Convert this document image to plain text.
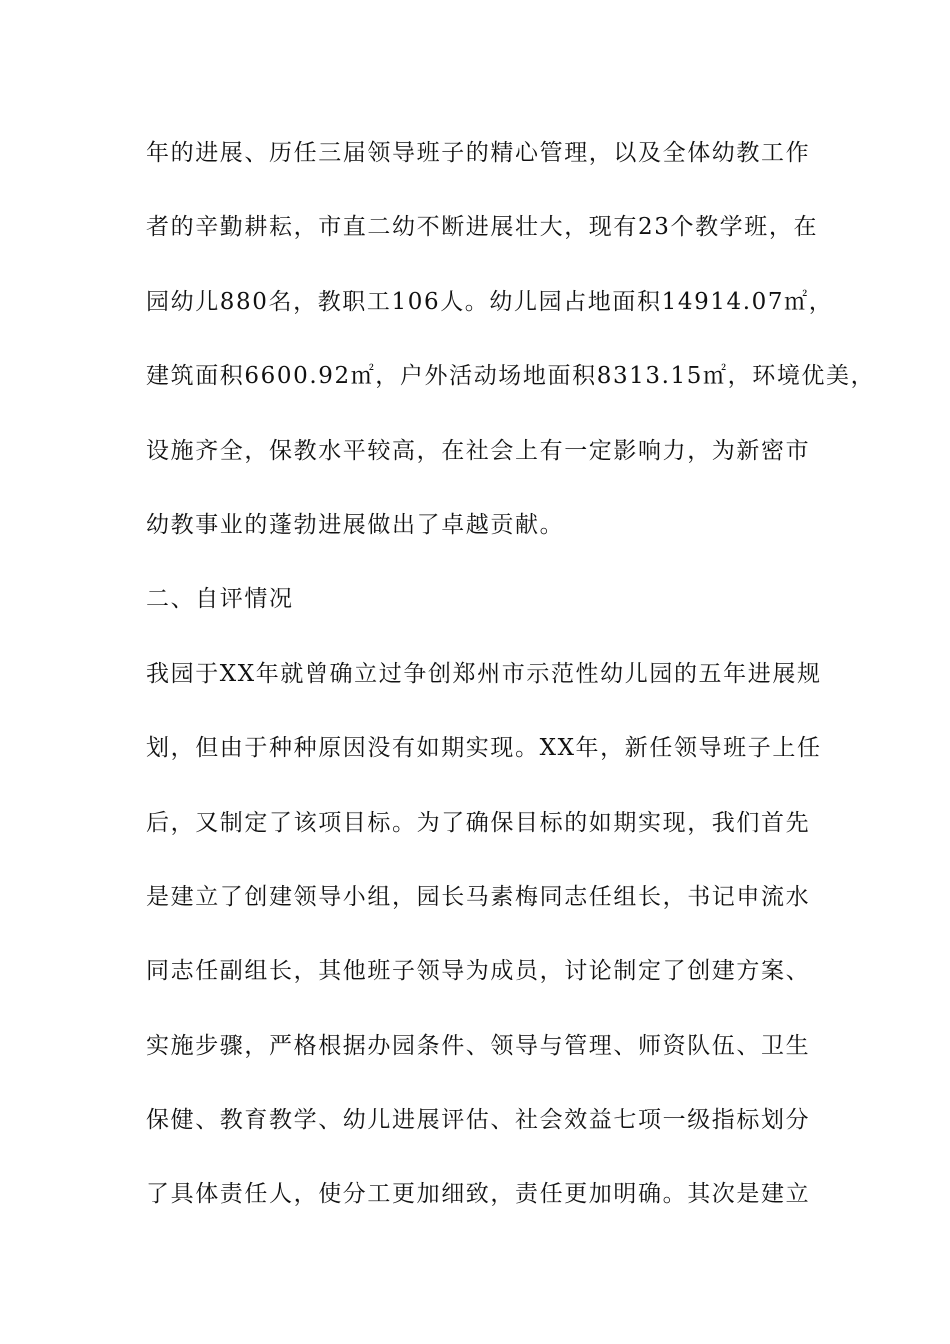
年的进展、历任三届领导班子的精心管理，以及全体幼教工作
者的辛勤耕耘，市直二幼不断进展壮大，现有23个教学班，在
园幼儿880名，教职工106人。幼儿园占地面积14914.07㎡，
建筑面积6600.92㎡，户外活动场地面积8313.15㎡，环境优美，
设施齐全，保教水平较高，在社会上有一定影响力，为新密市
幼教事业的蓬勃进展做出了卓越贡献。
二、自评情况
我园于XX年就曾确立过争创郑州市示范性幼儿园的五年进展规
划，但由于种种原因没有如期实现。XX年，新任领导班子上任
后，又制定了该项目标。为了确保目标的如期实现，我们首先
是建立了创建领导小组，园长马素梅同志任组长，书记申流水
同志任副组长，其他班子领导为成员，讨论制定了创建方案、
实施步骤，严格根据办园条件、领导与管理、师资队伍、卫生
保健、教育教学、幼儿进展评估、社会效益七项一级指标划分
了具体责任人，使分工更加细致，责任更加明确。其次是建立
